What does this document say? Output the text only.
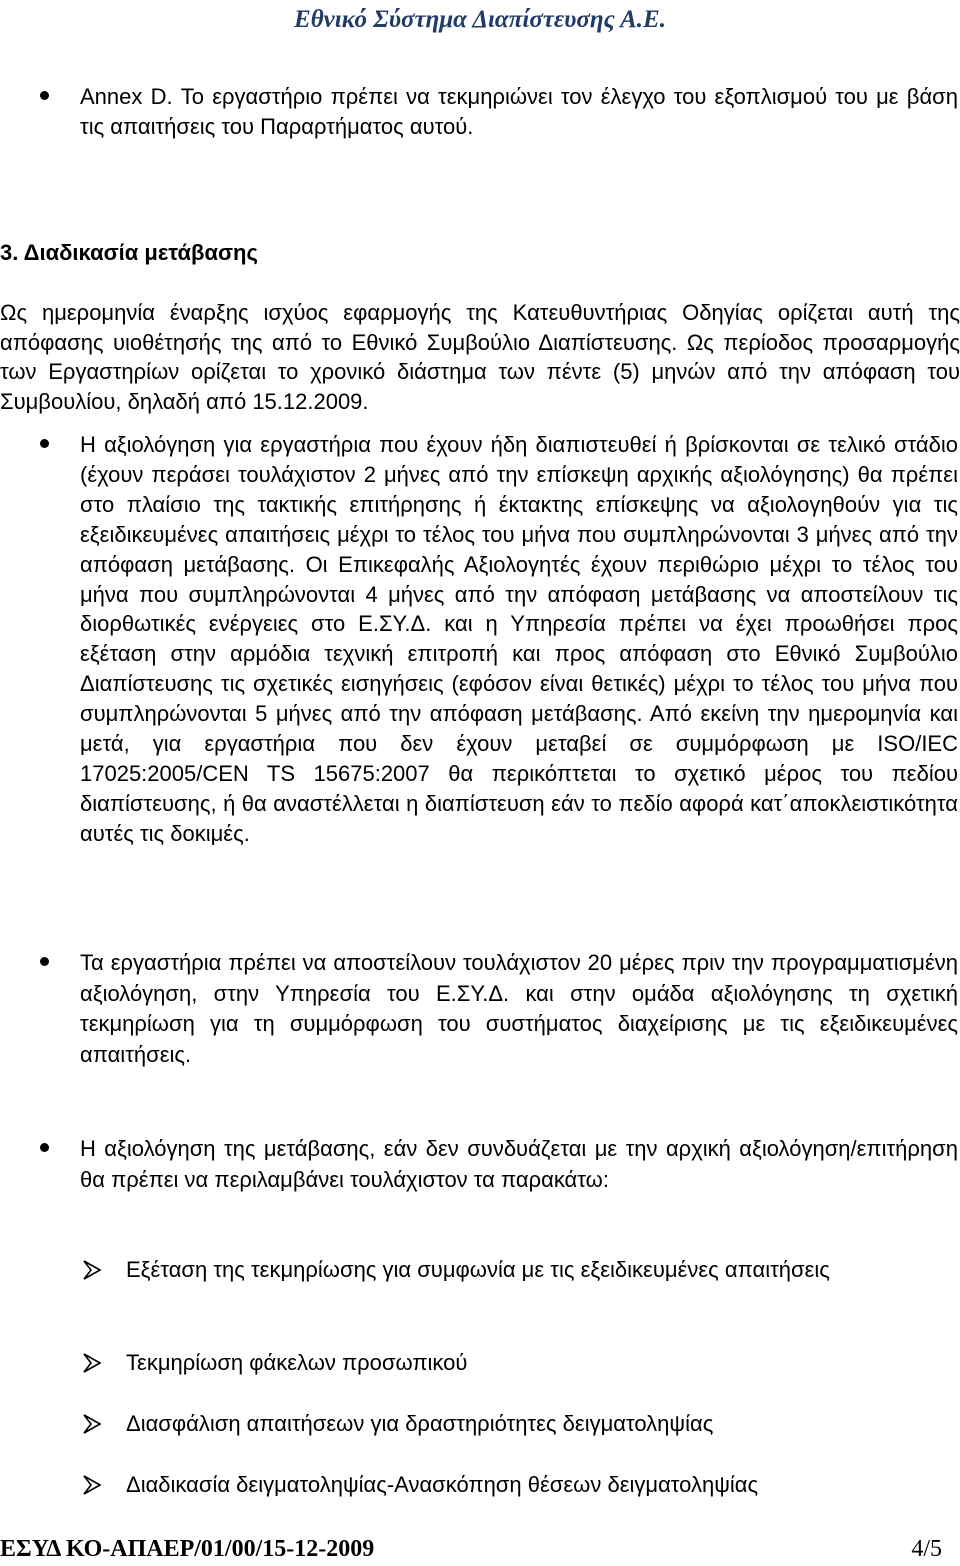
Εθνικό Σύστημα Διαπίστευσης Α.Ε.
Annex D. Το εργαστήριο πρέπει να τεκμηριώνει τον έλεγχο του εξοπλισμού του με βάση τις απαιτήσεις του Παραρτήματος αυτού.
3. Διαδικασία μετάβασης
Ως ημερομηνία έναρξης ισχύος εφαρμογής της Κατευθυντήριας Οδηγίας ορίζεται αυτή της απόφασης υιοθέτησής της από το Εθνικό Συμβούλιο Διαπίστευσης. Ως περίοδος προσαρμογής των Εργαστηρίων ορίζεται το χρονικό διάστημα των πέντε (5) μηνών από την απόφαση του Συμβουλίου, δηλαδή από 15.12.2009.
Η αξιολόγηση για εργαστήρια που έχουν ήδη διαπιστευθεί ή βρίσκονται σε τελικό στάδιο (έχουν περάσει τουλάχιστον 2 μήνες από την επίσκεψη αρχικής αξιολόγησης) θα πρέπει στο πλαίσιο της τακτικής επιτήρησης ή έκτακτης επίσκεψης να αξιολογηθούν για τις εξειδικευμένες απαιτήσεις μέχρι το τέλος του μήνα που συμπληρώνονται 3 μήνες από την απόφαση μετάβασης. Οι Επικεφαλής Αξιολογητές έχουν περιθώριο μέχρι το τέλος του μήνα που συμπληρώνονται 4 μήνες από την απόφαση μετάβασης να αποστείλουν τις διορθωτικές ενέργειες στο Ε.ΣΥ.Δ. και η Υπηρεσία πρέπει να έχει προωθήσει προς εξέταση στην αρμόδια τεχνική επιτροπή και προς απόφαση στο Εθνικό Συμβούλιο Διαπίστευσης τις σχετικές εισηγήσεις (εφόσον είναι θετικές) μέχρι το τέλος του μήνα που συμπληρώνονται 5 μήνες από την απόφαση μετάβασης. Από εκείνη την ημερομηνία και μετά, για εργαστήρια που δεν έχουν μεταβεί σε συμμόρφωση με ISO/IEC 17025:2005/CEN TS 15675:2007 θα περικόπτεται το σχετικό μέρος του πεδίου διαπίστευσης, ή θα αναστέλλεται η διαπίστευση εάν το πεδίο αφορά κατ΄αποκλειστικότητα αυτές τις δοκιμές.
Τα εργαστήρια πρέπει να αποστείλουν τουλάχιστον 20 μέρες πριν την προγραμματισμένη αξιολόγηση, στην Υπηρεσία του Ε.ΣΥ.Δ. και στην ομάδα αξιολόγησης τη σχετική τεκμηρίωση για τη συμμόρφωση του συστήματος διαχείρισης με τις εξειδικευμένες απαιτήσεις.
Η αξιολόγηση της μετάβασης, εάν δεν συνδυάζεται με την αρχική αξιολόγηση/επιτήρηση θα πρέπει να περιλαμβάνει τουλάχιστον τα παρακάτω:
Εξέταση της τεκμηρίωσης για συμφωνία με τις εξειδικευμένες απαιτήσεις
Τεκμηρίωση φάκελων προσωπικού
Διασφάλιση απαιτήσεων για δραστηριότητες δειγματοληψίας
Διαδικασία δειγματοληψίας-Ανασκόπηση θέσεων δειγματοληψίας
ΕΣΥΔ ΚΟ-ΑΠΑΕΡ/01/00/15-12-2009	4/5
